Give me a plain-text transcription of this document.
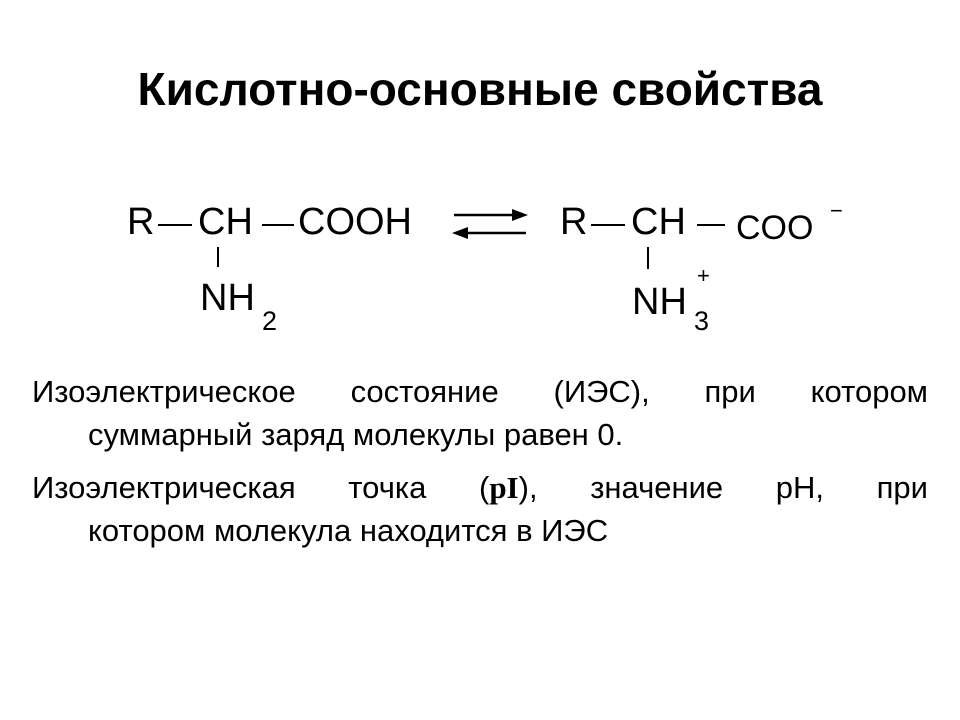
Кислотно-основные свойства
R CH COOH
NH
2
R CH COO −
NH
+
3
Изоэлектрическое состояние (ИЭС), при котором
суммарный заряд молекулы равен 0.
Изоэлектрическая точка (pI), значение pH, при
котором молекула находится в ИЭС
